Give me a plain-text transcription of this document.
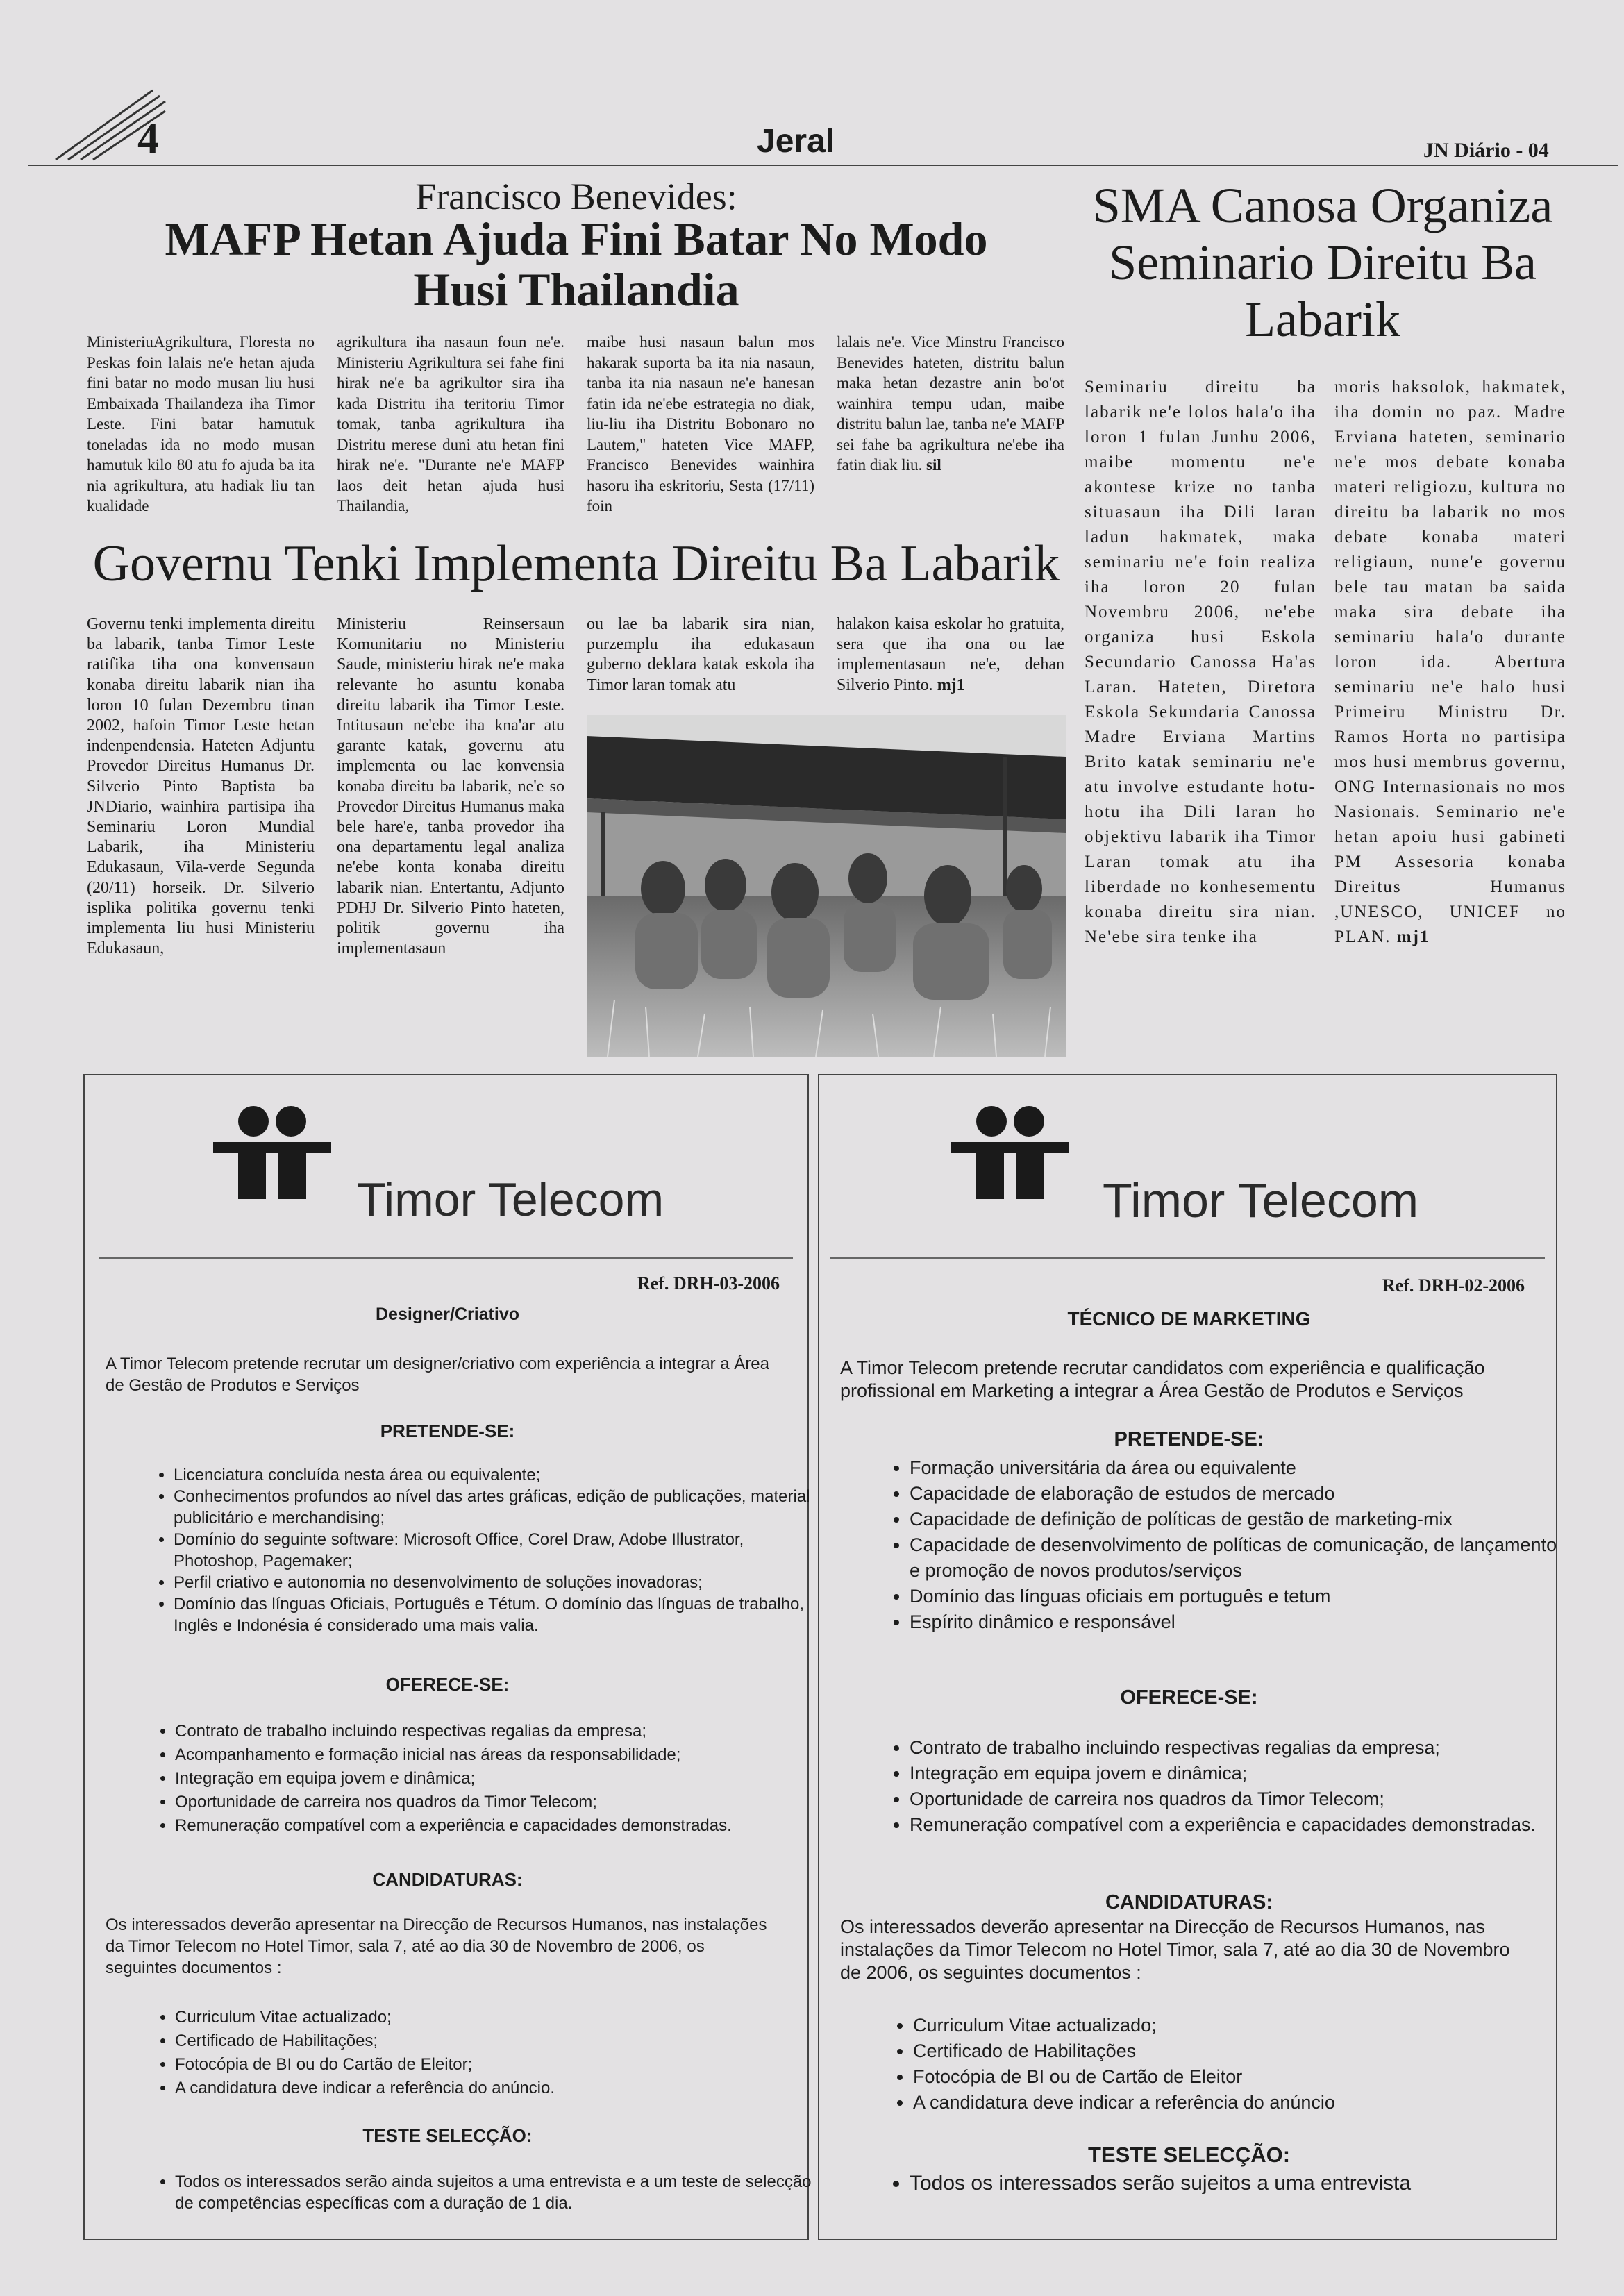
4	Jeral	JN Diário - 04
Francisco Benevides:
MAFP Hetan Ajuda Fini Batar No Modo
Husi Thailandia

MinisteriuAgrikultura, Floresta no Peskas foin lalais ne'e hetan ajuda fini batar no modo musan liu husi Embaixada Thailandeza iha Timor Leste. Fini batar hamutuk toneladas ida no modo musan hamutuk kilo 80 atu fo ajuda ba ita nia agrikultura, atu hadiak liu tan kualidade

agrikultura iha nasaun foun ne'e. Ministeriu Agrikultura sei fahe fini hirak ne'e ba agrikultor sira iha kada Distritu iha teritoriu Timor tomak, tanba agrikultura iha Distritu merese duni atu hetan fini hirak ne'e. "Durante ne'e MAFP laos deit hetan ajuda husi Thailandia,

maibe husi nasaun balun mos hakarak suporta ba ita nia nasaun, tanba ita nia nasaun ne'e hanesan fatin ida ne'ebe estrategia no diak, liu-liu iha Distritu Bobonaro no Lautem," hateten Vice MAFP, Francisco Benevides wainhira hasoru iha eskritoriu, Sesta (17/11) foin

lalais ne'e. Vice Minstru Francisco Benevides hateten, distritu balun maka hetan dezastre anin bo'ot wainhira tempu udan, maibe distritu balun lae, tanba ne'e MAFP sei fahe ba agrikultura ne'ebe iha fatin diak liu. sil

SMA Canosa Organiza Seminario Direitu Ba Labarik

Seminariu direitu ba labarik ne'e lolos hala'o iha loron 1 fulan Junhu 2006, maibe momentu ne'e akontese krize no tanba situasaun iha Dili laran ladun hakmatek, maka seminariu ne'e foin realiza iha loron 20 fulan Novembru 2006, ne'ebe organiza husi Eskola Secundario Canossa Ha'as Laran. Hateten, Diretora Eskola Sekundaria Canossa Madre Erviana Martins Brito katak seminariu ne'e atu involve estudante hotu-hotu iha Dili laran ho objektivu labarik iha Timor Laran tomak atu iha liberdade no konhesementu konaba direitu sira nian. Ne'ebe sira tenke iha

moris haksolok, hakmatek, iha domin no paz. Madre Erviana hateten, seminario ne'e mos debate konaba materi religiozu, kultura no direitu ba labarik no mos debate konaba materi religiaun, nune'e governu bele tau matan ba saida maka sira debate iha seminariu hala'o durante loron ida. Abertura seminariu ne'e halo husi Primeiru Ministru Dr. Ramos Horta no partisipa mos husi membrus governu, ONG Internasionais no mos Nasionais. Seminario ne'e hetan apoiu husi gabineti PM Assesoria konaba Direitus Humanus ,UNESCO, UNICEF no PLAN. mj1

Governu Tenki Implementa Direitu Ba Labarik

Governu tenki implementa direitu ba labarik, tanba Timor Leste ratifika tiha ona konvensaun konaba direitu labarik nian iha loron 10 fulan Dezembru tinan 2002, hafoin Timor Leste hetan indenpendensia. Hateten Adjuntu Provedor Direitus Humanus Dr. Silverio Pinto Baptista ba JNDiario, wainhira partisipa iha Seminariu Loron Mundial Labarik, iha Ministeriu Edukasaun, Vila-verde Segunda (20/11) horseik. Dr. Silverio isplika politika governu tenki implementa liu husi Ministeriu Edukasaun,

Ministeriu Reinsersaun Komunitariu no Ministeriu Saude, ministeriu hirak ne'e maka relevante ho asuntu konaba direitu labarik iha Timor Leste. Intitusaun ne'ebe iha kna'ar atu garante katak, governu atu implementa ou lae konvensia konaba direitu ba labarik, ne'e so Provedor Direitus Humanus maka bele hare'e, tanba provedor iha ona departamentu legal analiza ne'ebe konta konaba direitu labarik nian. Entertantu, Adjunto PDHJ Dr. Silverio Pinto hateten, politik governu iha implementasaun

ou lae ba labarik sira nian, purzemplu iha edukasaun guberno deklara katak eskola iha Timor laran tomak atu

halakon kaisa eskolar ho gratuita, sera que iha ona ou lae implementasaun ne'e, dehan Silverio Pinto. mj1

Timor Telecom
Ref. DRH-03-2006
Designer/Criativo
A Timor Telecom pretende recrutar um designer/criativo com experiência a integrar a Área de Gestão de Produtos e Serviços
PRETENDE-SE:
• Licenciatura concluída nesta área ou equivalente;
• Conhecimentos profundos ao nível das artes gráficas, edição de publicações, material publicitário e merchandising;
• Domínio do seguinte software: Microsoft Office, Corel Draw, Adobe Illustrator, Photoshop, Pagemaker;
• Perfil criativo e autonomia no desenvolvimento de soluções inovadoras;
• Domínio das línguas Oficiais, Português e Tétum. O domínio das línguas de trabalho, Inglês e Indonésia é considerado uma mais valia.
OFERECE-SE:
• Contrato de trabalho incluindo respectivas regalias da empresa;
• Acompanhamento e formação inicial nas áreas da responsabilidade;
• Integração em equipa jovem e dinâmica;
• Oportunidade de carreira nos quadros da Timor Telecom;
• Remuneração compatível com a experiência e capacidades demonstradas.
CANDIDATURAS:
Os interessados deverão apresentar na Direcção de Recursos Humanos, nas instalações da Timor Telecom no Hotel Timor, sala 7, até ao dia 30 de Novembro de 2006, os seguintes documentos :
• Curriculum Vitae actualizado;
• Certificado de Habilitações;
• Fotocópia de BI ou do Cartão de Eleitor;
• A candidatura deve indicar a referência do anúncio.
TESTE SELECÇÃO:
• Todos os interessados serão ainda sujeitos a uma entrevista e a um teste de selecção de competências específicas com a duração de 1 dia.
Timor Telecom
Ref. DRH-02-2006
TÉCNICO DE MARKETING
A Timor Telecom pretende recrutar candidatos com experiência e qualificação profissional em Marketing a integrar a Área Gestão de Produtos e Serviços
PRETENDE-SE:
• Formação universitária da área ou equivalente
• Capacidade de elaboração de estudos de mercado
• Capacidade de definição de políticas de gestão de marketing-mix
• Capacidade de desenvolvimento de políticas de comunicação, de lançamento e promoção de novos produtos/serviços
• Domínio das línguas oficiais em português e tetum
• Espírito dinâmico e responsável
OFERECE-SE:
• Contrato de trabalho incluindo respectivas regalias da empresa;
• Integração em equipa jovem e dinâmica;
• Oportunidade de carreira nos quadros da Timor Telecom;
• Remuneração compatível com a experiência e capacidades demonstradas.
CANDIDATURAS:
Os interessados deverão apresentar na Direcção de Recursos Humanos, nas instalações da Timor Telecom no Hotel Timor, sala 7, até ao dia 30 de Novembro de 2006, os seguintes documentos :
• Curriculum Vitae actualizado;
• Certificado de Habilitações
• Fotocópia de BI ou de Cartão de Eleitor
• A candidatura deve indicar a referência do anúncio
TESTE SELECÇÃO:
• Todos os interessados serão sujeitos a uma entrevista
